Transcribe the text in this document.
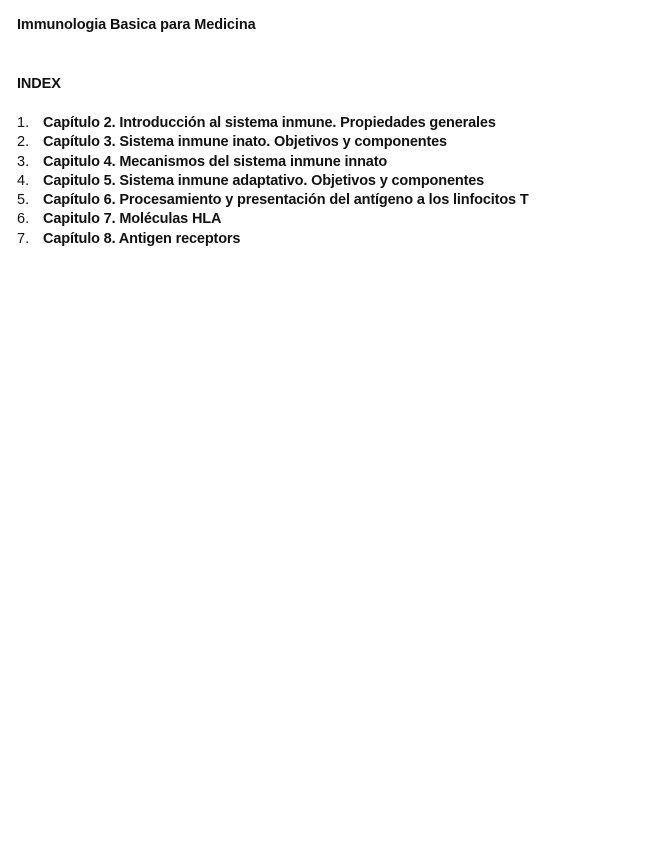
Immunologia Basica para Medicina
INDEX
1. Capítulo 2. Introducción al sistema inmune. Propiedades generales
2. Capítulo 3. Sistema inmune inato. Objetivos y componentes
3. Capitulo 4. Mecanismos del sistema inmune innato
4. Capitulo 5. Sistema inmune adaptativo. Objetivos y componentes
5. Capítulo 6. Procesamiento y presentación del antígeno a los linfocitos T
6. Capitulo 7. Moléculas HLA
7. Capítulo 8. Antigen receptors
